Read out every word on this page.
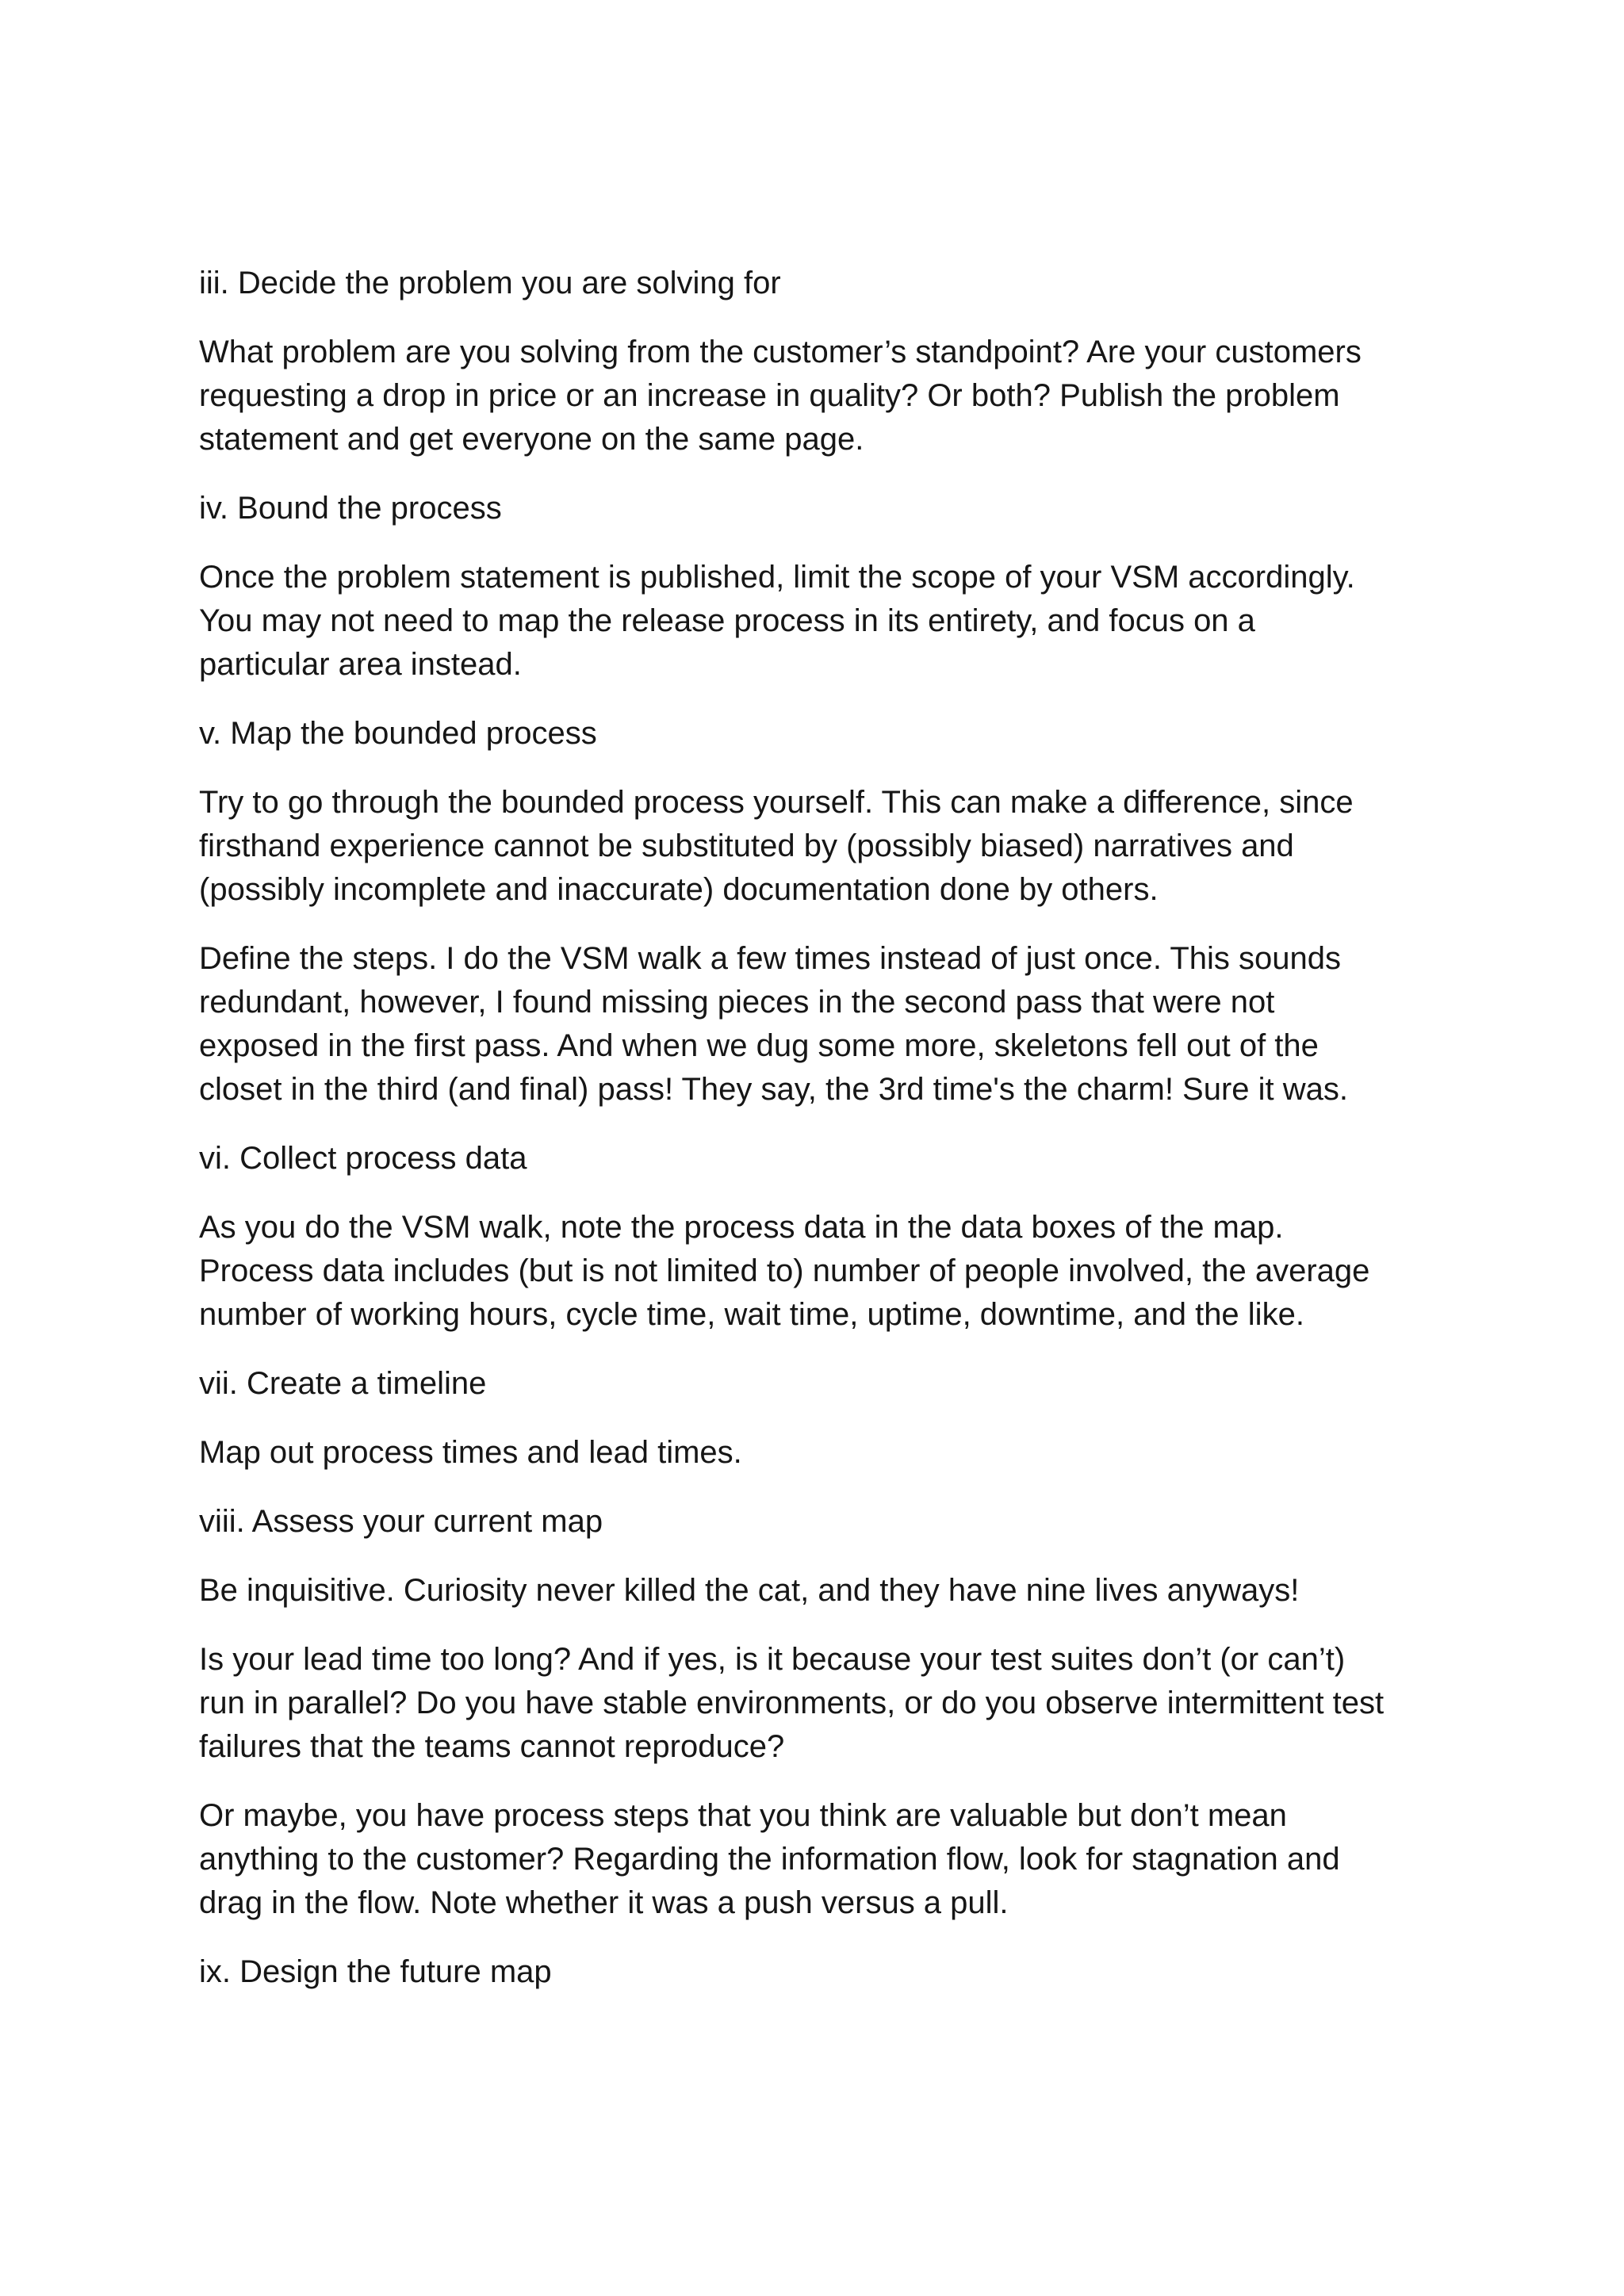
iii. Decide the problem you are solving for
What problem are you solving from the customer’s standpoint? Are your customers
requesting a drop in price or an increase in quality? Or both? Publish the problem
statement and get everyone on the same page.
iv. Bound the process
Once the problem statement is published, limit the scope of your VSM accordingly.
You may not need to map the release process in its entirety, and focus on a
particular area instead.
v. Map the bounded process
Try to go through the bounded process yourself. This can make a difference, since
firsthand experience cannot be substituted by (possibly biased) narratives and
(possibly incomplete and inaccurate) documentation done by others.
Define the steps. I do the VSM walk a few times instead of just once. This sounds
redundant, however, I found missing pieces in the second pass that were not
exposed in the first pass. And when we dug some more, skeletons fell out of the
closet in the third (and final) pass! They say, the 3rd time's the charm! Sure it was.
vi. Collect process data
As you do the VSM walk, note the process data in the data boxes of the map.
Process data includes (but is not limited to) number of people involved, the average
number of working hours, cycle time, wait time, uptime, downtime, and the like.
vii. Create a timeline
Map out process times and lead times.
viii. Assess your current map
Be inquisitive. Curiosity never killed the cat, and they have nine lives anyways!
Is your lead time too long? And if yes, is it because your test suites don’t (or can’t)
run in parallel? Do you have stable environments, or do you observe intermittent test
failures that the teams cannot reproduce?
Or maybe, you have process steps that you think are valuable but don’t mean
anything to the customer? Regarding the information flow, look for stagnation and
drag in the flow. Note whether it was a push versus a pull.
ix. Design the future map
